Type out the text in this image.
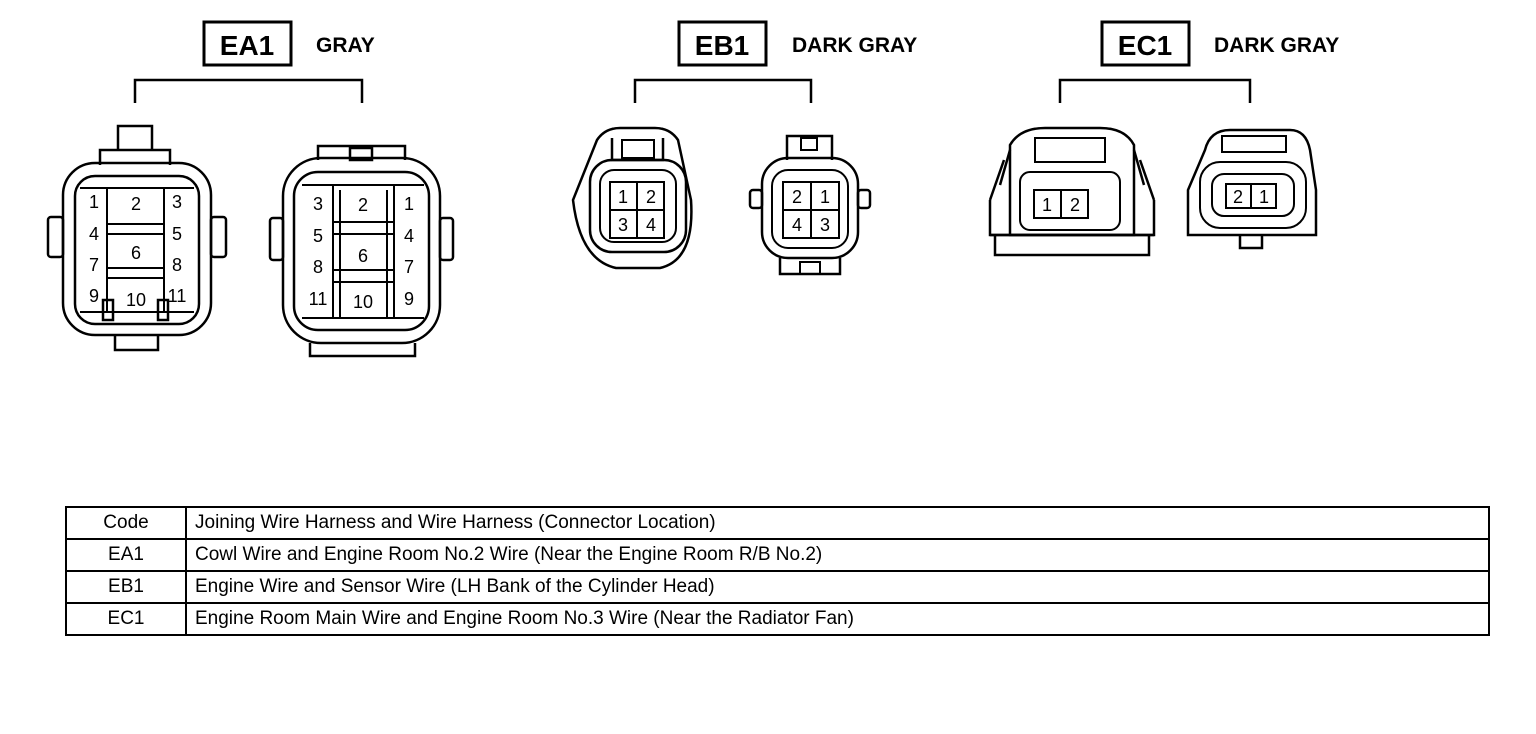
EA1 GRAY
1 2 3
4	5
6
7	8
9 10 11
3 2 1
5	4
6
8	7
11 10 9
EB1 DARK GRAY
1 2
3 4
2 1
4 3
EC1 DARK GRAY
1 2	2 1
Code	Joining Wire Harness and Wire Harness (Connector Location)
EA1	Cowl Wire and Engine Room No.2 Wire (Near the Engine Room R/B No.2)
EB1	Engine Wire and Sensor Wire (LH Bank of the Cylinder Head)
EC1	Engine Room Main Wire and Engine Room No.3 Wire (Near the Radiator Fan)
